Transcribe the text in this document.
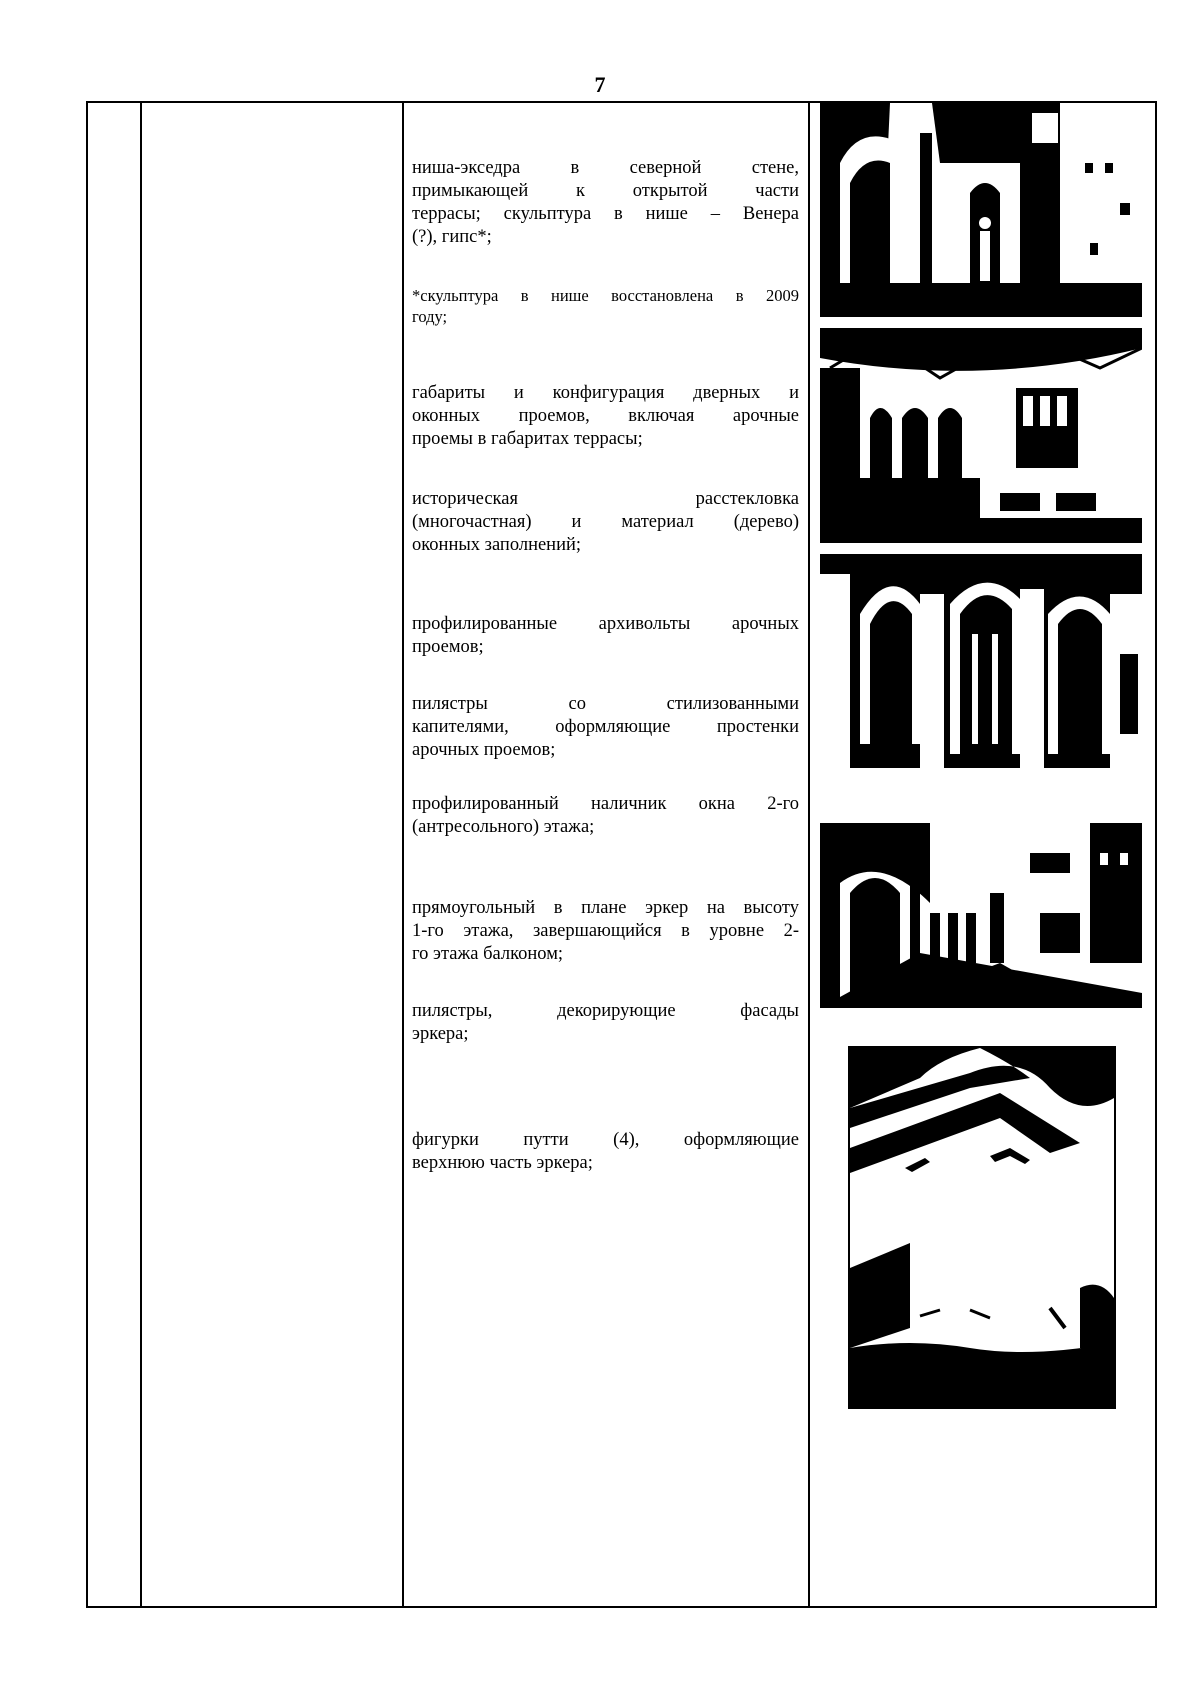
7
ниша-экседра в северной стене,
примыкающей к открытой части
террасы; скульптура в нише – Венера
(?), гипс*;
*скульптура в нише восстановлена в 2009
году;
габариты и конфигурация дверных и
оконных проемов, включая арочные
проемы в габаритах террасы;
историческая расстекловка
(многочастная) и материал (дерево)
оконных заполнений;
профилированные архивольты арочных
проемов;
пилястры со стилизованными
капителями, оформляющие простенки
арочных проемов;
профилированный наличник окна 2-го
(антресольного) этажа;
прямоугольный в плане эркер на высоту
1-го этажа, завершающийся в уровне 2-
го этажа балконом;
пилястры, декорирующие фасады
эркера;
фигурки путти (4), оформляющие
верхнюю часть эркера;
